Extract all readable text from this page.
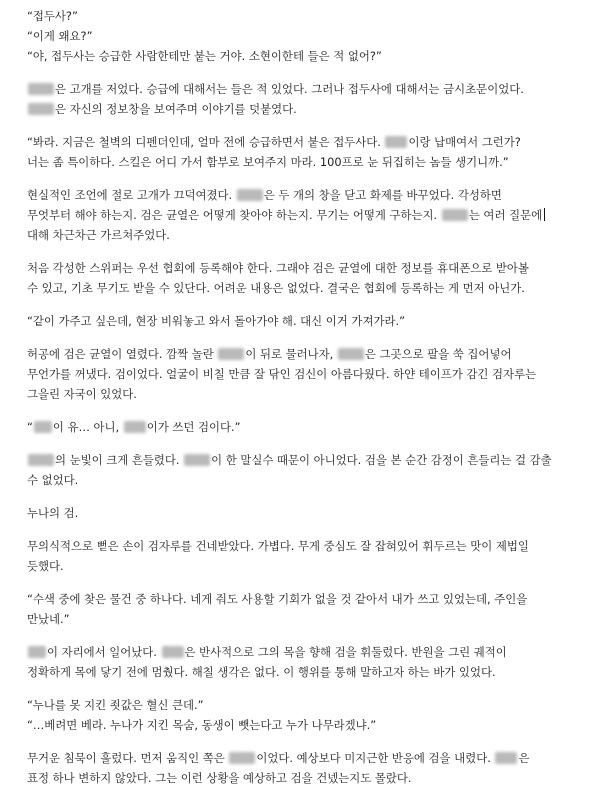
“접두사?”
“이게 왜요?”
“야, 접두사는 승급한 사람한테만 붙는 거야. 소현이한테 들은 적 없어?”
은 고개를 저었다. 승급에 대해서는 들은 적 있었다. 그러나 접두사에 대해서는 금시초문이었다.
은 자신의 정보창을 보여주며 이야기를 덧붙였다.
“봐라. 지금은 철벽의 디펜더인데, 얼마 전에 승급하면서 붙은 접두사다. 이랑 납매여서 그런가?
너는 좀 특이하다. 스킬은 어디 가서 함부로 보여주지 마라. 100프로 눈 뒤집히는 놈들 생기니까.”
현실적인 조언에 절로 고개가 끄덕여졌다. 은 두 개의 창을 닫고 화제를 바꾸었다. 각성하면
무엇부터 해야 하는지. 검은 균열은 어떻게 찾아야 하는지. 무기는 어떻게 구하는지. 는 여러 질문에
대해 차근차근 가르쳐주었다.
처음 각성한 스위퍼는 우선 협회에 등록해야 한다. 그래야 검은 균열에 대한 정보를 휴대폰으로 받아볼
수 있고, 기초 무기도 받을 수 있단다. 어려운 내용은 없었다. 결국은 협회에 등록하는 게 먼저 아닌가.
“같이 가주고 싶은데, 현장 비워놓고 와서 돌아가야 해. 대신 이거 가져가라.”
허공에 검은 균열이 열렸다. 깜짝 놀란 이 뒤로 물러나자, 은 그곳으로 팔을 쑥 집어넣어
무언가를 꺼냈다. 검이었다. 얼굴이 비칠 만큼 잘 닦인 검신이 아름다웠다. 하얀 테이프가 감긴 검자루는
그을린 자국이 있었다.
“ 이 유… 아니, 이가 쓰던 검이다.”
의 눈빛이 크게 흔들렸다. 이 한 말실수 때문이 아니었다. 검을 본 순간 감정이 흔들리는 걸 감출
수 없었다.
누나의 검.
무의식적으로 뻗은 손이 검자루를 건네받았다. 가볍다. 무게 중심도 잘 잡혀있어 휘두르는 맛이 제법일
듯했다.
“수색 중에 찾은 물건 중 하나다. 네게 줘도 사용할 기회가 없을 것 같아서 내가 쓰고 있었는데, 주인을
만났네.”
이 자리에서 일어났다. 은 반사적으로 그의 목을 향해 검을 휘둘렀다. 반원을 그린 궤적이
정확하게 목에 닿기 전에 멈췄다. 해칠 생각은 없다. 이 행위를 통해 말하고자 하는 바가 있었다.
“누나를 못 지킨 죗값은 혈신 큰데.”
“…베려면 베라. 누나가 지킨 목숨, 동생이 뺏는다고 누가 나무라겠냐.”
무거운 침묵이 흘렀다. 먼저 움직인 쪽은 이었다. 예상보다 미지근한 반응에 검을 내렸다. 은
표정 하나 변하지 않았다. 그는 이런 상황을 예상하고 검을 건넸는지도 몰랐다.
